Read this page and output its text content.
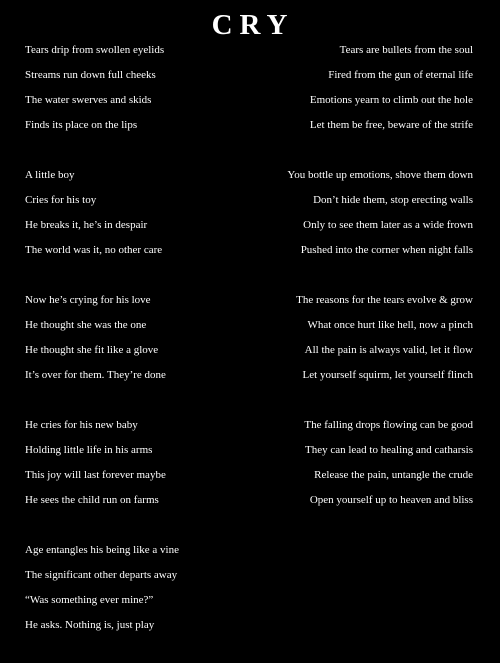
CRY
Tears drip from swollen eyelids
Streams run down full cheeks
The water swerves and skids
Finds its place on the lips
A little boy
Cries for his toy
He breaks it, he’s in despair
The world was it, no other care
Now he’s crying for his love
He thought she was the one
He thought she fit like a glove
It’s over for them. They’re done
He cries for his new baby
Holding little life in his arms
This joy will last forever maybe
He sees the child run on farms
Age entangles his being like a vine
The significant other departs away
“Was something ever mine?”
He asks. Nothing is, just play
Tears are bullets from the soul
Fired from the gun of eternal life
Emotions yearn to climb out the hole
Let them be free, beware of the strife
You bottle up emotions, shove them down
Don’t hide them, stop erecting walls
Only to see them later as a wide frown
Pushed into the corner when night falls
The reasons for the tears evolve & grow
What once hurt like hell, now a pinch
All the pain is always valid, let it flow
Let yourself squirm, let yourself flinch
The falling drops flowing can be good
They can lead to healing and catharsis
Release the pain, untangle the crude
Open yourself up to heaven and bliss
